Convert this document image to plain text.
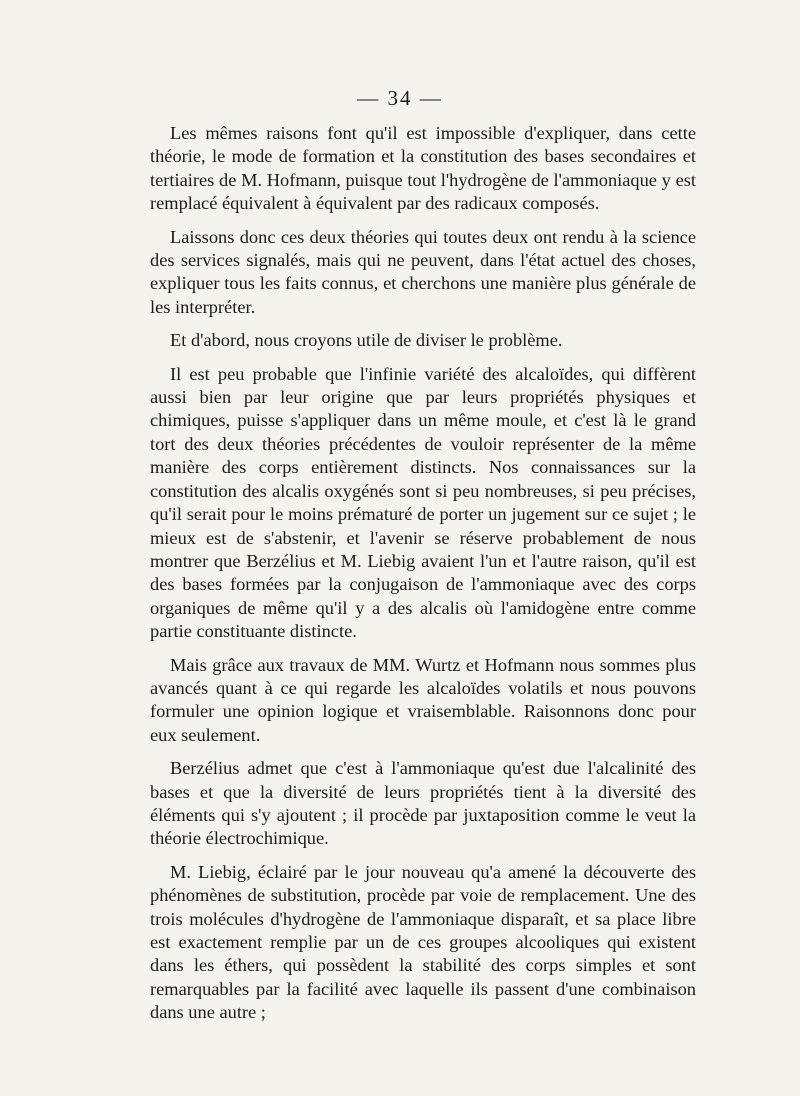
— 34 —

Les mêmes raisons font qu'il est impossible d'expliquer, dans cette théorie, le mode de formation et la constitution des bases secondaires et tertiaires de M. Hofmann, puisque tout l'hydrogène de l'ammoniaque y est remplacé équivalent à équivalent par des radicaux composés.

Laissons donc ces deux théories qui toutes deux ont rendu à la science des services signalés, mais qui ne peuvent, dans l'état actuel des choses, expliquer tous les faits connus, et cherchons une manière plus générale de les interpréter.

Et d'abord, nous croyons utile de diviser le problème.

Il est peu probable que l'infinie variété des alcaloïdes, qui diffèrent aussi bien par leur origine que par leurs propriétés physiques et chimiques, puisse s'appliquer dans un même moule, et c'est là le grand tort des deux théories précédentes de vouloir représenter de la même manière des corps entièrement distincts. Nos connaissances sur la constitution des alcalis oxygénés sont si peu nombreuses, si peu précises, qu'il serait pour le moins prématuré de porter un jugement sur ce sujet ; le mieux est de s'abstenir, et l'avenir se réserve probablement de nous montrer que Berzélius et M. Liebig avaient l'un et l'autre raison, qu'il est des bases formées par la conjugaison de l'ammoniaque avec des corps organiques de même qu'il y a des alcalis où l'amidogène entre comme partie constituante distincte.

Mais grâce aux travaux de MM. Wurtz et Hofmann nous sommes plus avancés quant à ce qui regarde les alcaloïdes volatils et nous pouvons formuler une opinion logique et vraisemblable. Raisonnons donc pour eux seulement.

Berzélius admet que c'est à l'ammoniaque qu'est due l'alcalinité des bases et que la diversité de leurs propriétés tient à la diversité des éléments qui s'y ajoutent ; il procède par juxtaposition comme le veut la théorie électrochimique.

M. Liebig, éclairé par le jour nouveau qu'a amené la découverte des phénomènes de substitution, procède par voie de remplacement. Une des trois molécules d'hydrogène de l'ammoniaque disparaît, et sa place libre est exactement remplie par un de ces groupes alcooliques qui existent dans les éthers, qui possèdent la stabilité des corps simples et sont remarquables par la facilité avec laquelle ils passent d'une combinaison dans une autre ;
